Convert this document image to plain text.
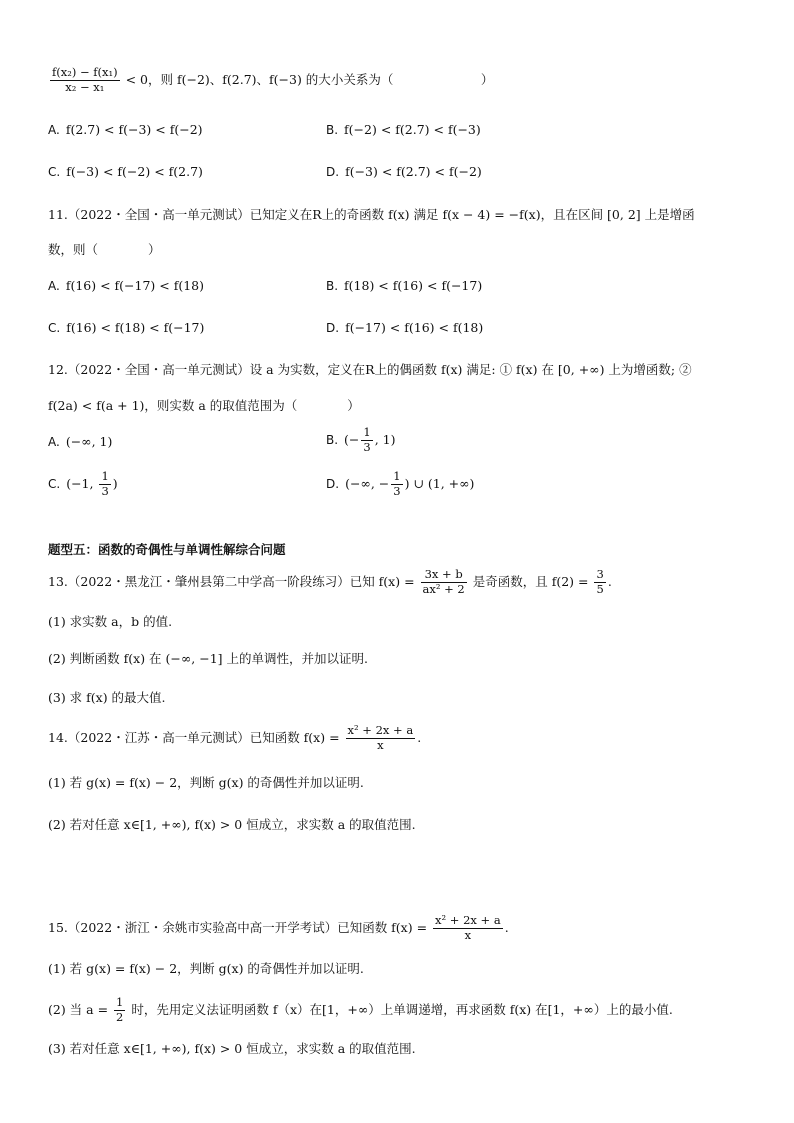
$\frac{\text{f(x₂) − f(x₁)}}{\text{x₂ − x₁}} < 0$，则 f(−2)、f(2.7)、f(−3) 的大小关系为（　　　　　　　）
A. f(2.7) < f(−3) < f(−2)	B. f(−2) < f(2.7) < f(−3)
C. f(−3) < f(−2) < f(2.7)	D. f(−3) < f(2.7) < f(−2)
11.（2022・全国・高一单元测试）已知定义在R上的奇函数 f(x) 满足 f(x − 4) = −f(x)，且在区间 [0, 2] 上是增函
数，则（　　　　）
A. f(16) < f(−17) < f(18)	B. f(18) < f(16) < f(−17)
C. f(16) < f(18) < f(−17)	D. f(−17) < f(16) < f(18)
12.（2022・全国・高一单元测试）设 a 为实数，定义在R上的偶函数 f(x) 满足: ① f(x) 在 [0, +∞) 上为增函数; ②
f(2a) < f(a + 1)，则实数 a 的取值范围为（　　　　）
A. (−∞, 1)	B. (− $\frac{1}{3}$ , 1)
C. (−1, $\frac{1}{3}$ )	D. (−∞, − $\frac{1}{3}$ ) ∪ (1, +∞)
题型五：函数的奇偶性与单调性解综合问题
13.（2022・黑龙江・肇州县第二中学高一阶段练习）已知 $f(x) = \frac{3x + b}{\text{ax² + 2}}$ 是奇函数，且 $f(2) = \frac{3}{5}$ .
(1) 求实数 a，b 的值.
(2) 判断函数 f(x) 在 (−∞, −1] 上的单调性，并加以证明.
(3) 求 f(x) 的最大值.
14.（2022・江苏・高一单元测试）已知函数 $f(x) = \frac{\text{x² + 2x + a}}{x}$ .
(1) 若 g(x) = f(x) − 2，判断 g(x) 的奇偶性并加以证明.
(2) 若对任意 x∈[1, +∞), f(x) > 0 恒成立，求实数 a 的取值范围.
15.（2022・浙江・余姚市实验高中高一开学考试）已知函数 $f(x) = \frac{\text{x² + 2x + a}}{x}$ .
(1) 若 g(x) = f(x) − 2，判断 g(x) 的奇偶性并加以证明.
(2) 当 $a = \frac{1}{2}$ 时，先用定义法证明函数 f（x）在[1，+∞）上单调递增，再求函数 f(x) 在[1，+∞）上的最小值.
(3) 若对任意 x∈[1, +∞), f(x) > 0 恒成立，求实数 a 的取值范围.
